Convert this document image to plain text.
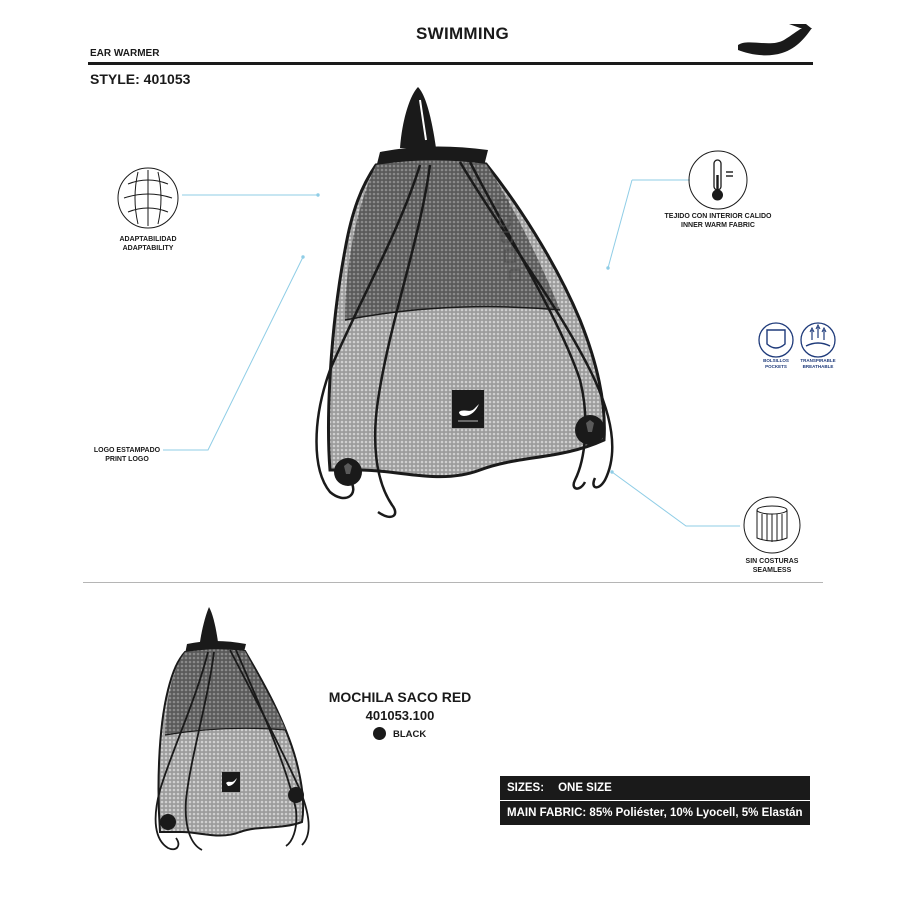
SWIMMING
EAR WARMER
STYLE: 401053
ADAPTABILIDAD
ADAPTABILITY
TEJIDO CON INTERIOR CALIDO
INNER WARM FABRIC
LOGO ESTAMPADO
PRINT LOGO
BOLSILLOS
POCKETS
TRANSPIRABLE
BREATHABLE
SIN COSTURAS
SEAMLESS
MOCHILA SACO RED
401053.100
BLACK
SIZES: ONE SIZE
MAIN FABRIC: 85% Poliéster, 10% Lyocell, 5% Elastán
